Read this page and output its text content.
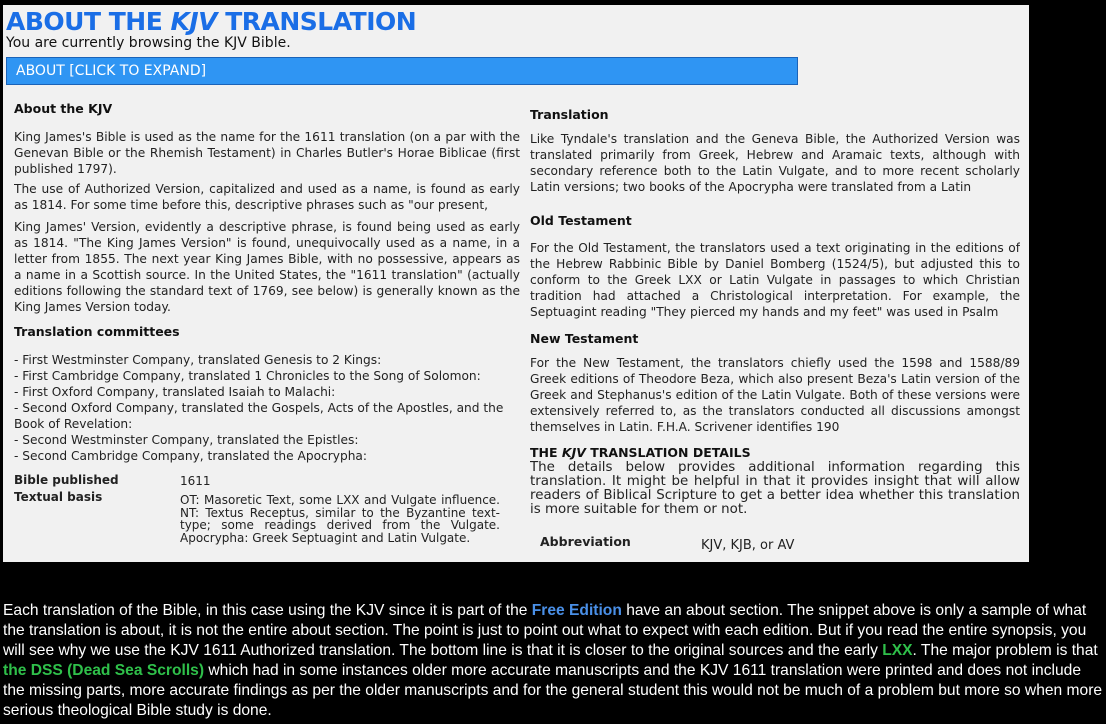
ABOUT THE KJV TRANSLATION
You are currently browsing the KJV Bible.
ABOUT [CLICK TO EXPAND]
About the KJV

King James's Bible is used as the name for the 1611 translation (on a par with the Genevan Bible or the Rhemish Testament) in Charles Butler's Horae Biblicae (first published 1797).

The use of Authorized Version, capitalized and used as a name, is found as early as 1814. For some time before this, descriptive phrases such as "our present,

King James' Version, evidently a descriptive phrase, is found being used as early as 1814. "The King James Version" is found, unequivocally used as a name, in a letter from 1855. The next year King James Bible, with no possessive, appears as a name in a Scottish source. In the United States, the "1611 translation" (actually editions following the standard text of 1769, see below) is generally known as the King James Version today.

Translation committees
- First Westminster Company, translated Genesis to 2 Kings:
- First Cambridge Company, translated 1 Chronicles to the Song of Solomon:
- First Oxford Company, translated Isaiah to Malachi:
- Second Oxford Company, translated the Gospels, Acts of the Apostles, and the
Book of Revelation:
- Second Westminster Company, translated the Epistles:
- Second Cambridge Company, translated the Apocrypha:
Bible published	1611
Textual basis	OT: Masoretic Text, some LXX and Vulgate influence. NT: Textus Receptus, similar to the Byzantine text-type; some readings derived from the Vulgate. Apocrypha: Greek Septuagint and Latin Vulgate.
Translation

Like Tyndale's translation and the Geneva Bible, the Authorized Version was translated primarily from Greek, Hebrew and Aramaic texts, although with secondary reference both to the Latin Vulgate, and to more recent scholarly Latin versions; two books of the Apocrypha were translated from a Latin

Old Testament

For the Old Testament, the translators used a text originating in the editions of the Hebrew Rabbinic Bible by Daniel Bomberg (1524/5), but adjusted this to conform to the Greek LXX or Latin Vulgate in passages to which Christian tradition had attached a Christological interpretation. For example, the Septuagint reading "They pierced my hands and my feet" was used in Psalm

New Testament

For the New Testament, the translators chiefly used the 1598 and 1588/89 Greek editions of Theodore Beza, which also present Beza's Latin version of the Greek and Stephanus's edition of the Latin Vulgate. Both of these versions were extensively referred to, as the translators conducted all discussions amongst themselves in Latin. F.H.A. Scrivener identifies 190

THE KJV TRANSLATION DETAILS

The details below provides additional information regarding this translation. It might be helpful in that it provides insight that will allow readers of Biblical Scripture to get a better idea whether this translation is more suitable for them or not.

Abbreviation	KJV, KJB, or AV
Each translation of the Bible, in this case using the KJV since it is part of the Free Edition have an about section. The snippet above is only a sample of what the translation is about, it is not the entire about section. The point is just to point out what to expect with each edition. But if you read the entire synopsis, you will see why we use the KJV 1611 Authorized translation. The bottom line is that it is closer to the original sources and the early LXX. The major problem is that the DSS (Dead Sea Scrolls) which had in some instances older more accurate manuscripts and the KJV 1611 translation were printed and does not include the missing parts, more accurate findings as per the older manuscripts and for the general student this would not be much of a problem but more so when more serious theological Bible study is done.
